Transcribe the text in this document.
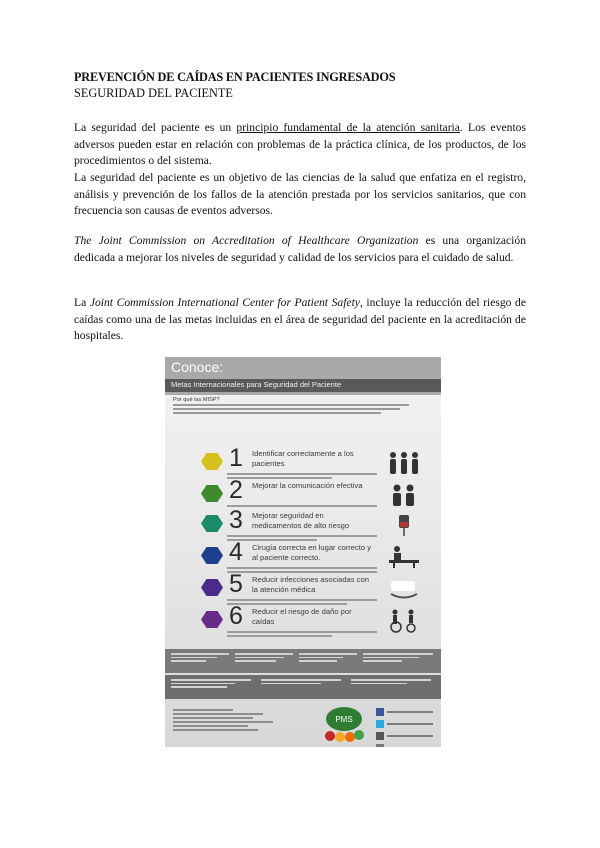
PREVENCIÓN DE CAÍDAS EN PACIENTES INGRESADOS
SEGURIDAD DEL PACIENTE

La seguridad del paciente es un principio fundamental de la atención sanitaria. Los eventos adversos pueden estar en relación con problemas de la práctica clínica, de los productos, de los procedimientos o del sistema.

La seguridad del paciente es un objetivo de las ciencias de la salud que enfatiza en el registro, análisis y prevención de los fallos de la atención prestada por los servicios sanitarios, que con frecuencia son causas de eventos adversos.

The Joint Commission on Accreditation of Healthcare Organization es una organización dedicada a mejorar los niveles de seguridad y calidad de los servicios para el cuidado de salud.

La Joint Commission International Center for Patient Safety, incluye la reducción del riesgo de caídas como una de las metas incluidas en el área de seguridad del paciente en la acreditación de hospitales.

Conoce:
Metas Internacionales para Seguridad del Paciente
Por qué las MISP?
1 Identificar correctamente a los pacientes
2 Mejorar la comunicación efectiva
3 Mejorar seguridad en medicamentos de alto riesgo
4 Cirugía correcta en lugar correcto y al paciente correcto.
5 Reducir infecciones asociadas con la atención médica
6 Reducir el riesgo de daño por caídas
PMS
